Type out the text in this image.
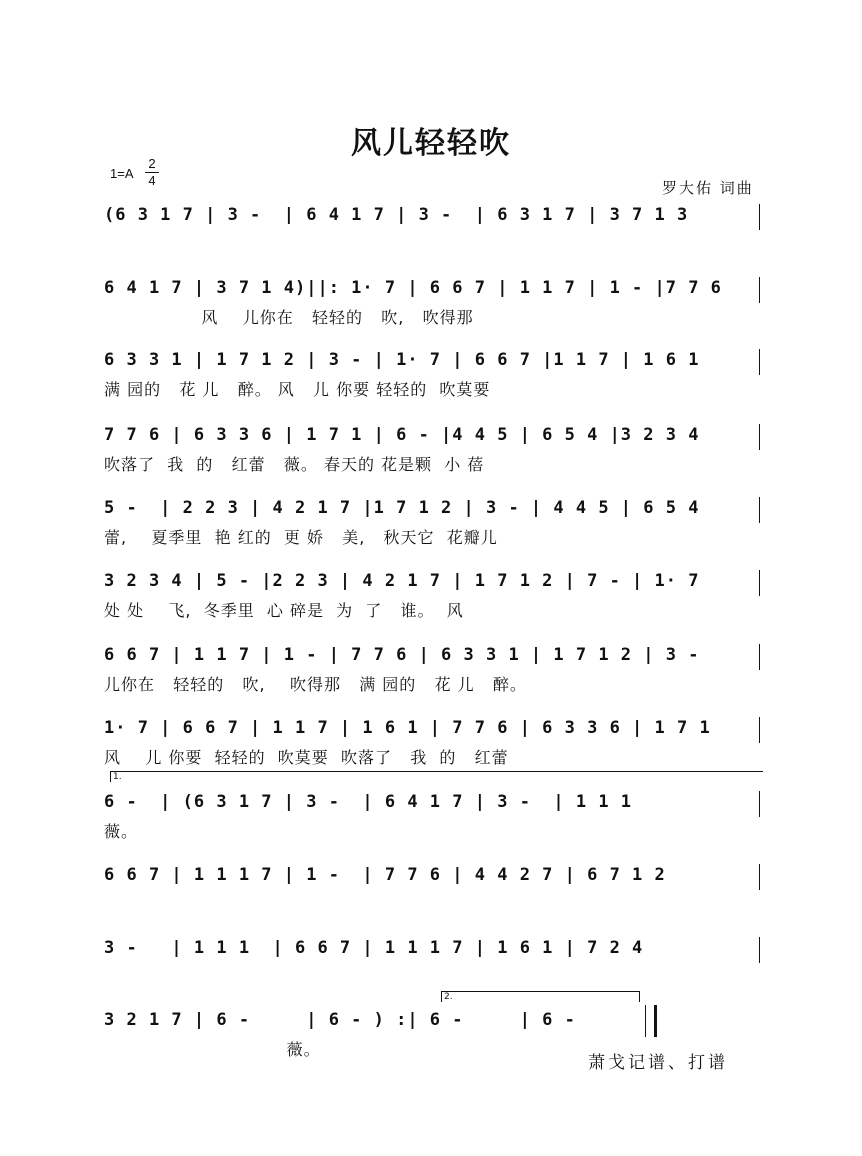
风儿轻轻吹
1=A
2
4	罗大佑 词曲
(6 3 1 7 | 3 -  | 6 4 1 7 | 3 -  | 6 3 1 7 | 3 7 1 3
6 4 1 7 | 3 7 1 4)||: 1· 7 | 6 6 7 | 1 1 7 | 1 - |7 7 6
风    儿你在   轻轻的   吹,   吹得那
6 3 3 1 | 1 7 1 2 | 3 - | 1· 7 | 6 6 7 |1 1 7 | 1 6 1
满 园的   花 儿   醉。 风   儿 你要 轻轻的  吹莫要
7 7 6 | 6 3 3 6 | 1 7 1 | 6 - |4 4 5 | 6 5 4 |3 2 3 4
吹落了  我  的   红蕾   薇。 春天的 花是颗  小 蓓
5 -  | 2 2 3 | 4 2 1 7 |1 7 1 2 | 3 - | 4 4 5 | 6 5 4
蕾,    夏季里  艳 红的  更 娇   美,   秋天它  花瓣儿
3 2 3 4 | 5 - |2 2 3 | 4 2 1 7 | 1 7 1 2 | 7 - | 1· 7
处 处    飞,  冬季里  心 碎是  为  了   谁。  风
6 6 7 | 1 1 7 | 1 - | 7 7 6 | 6 3 3 1 | 1 7 1 2 | 3 -
儿你在   轻轻的   吹,    吹得那   满 园的   花 儿   醉。
1· 7 | 6 6 7 | 1 1 7 | 1 6 1 | 7 7 6 | 6 3 3 6 | 1 7 1
风    儿 你要  轻轻的  吹莫要  吹落了   我  的   红蕾
1.
6 -  | (6 3 1 7 | 3 -  | 6 4 1 7 | 3 -  | 1 1 1
薇。
6 6 7 | 1 1 1 7 | 1 -  | 7 7 6 | 4 4 2 7 | 6 7 1 2
3 -   | 1 1 1  | 6 6 7 | 1 1 1 7 | 1 6 1 | 7 2 4
2.
3 2 1 7 | 6 -     | 6 - ) :| 6 -     | 6 -
薇。
萧戈记谱、打谱
